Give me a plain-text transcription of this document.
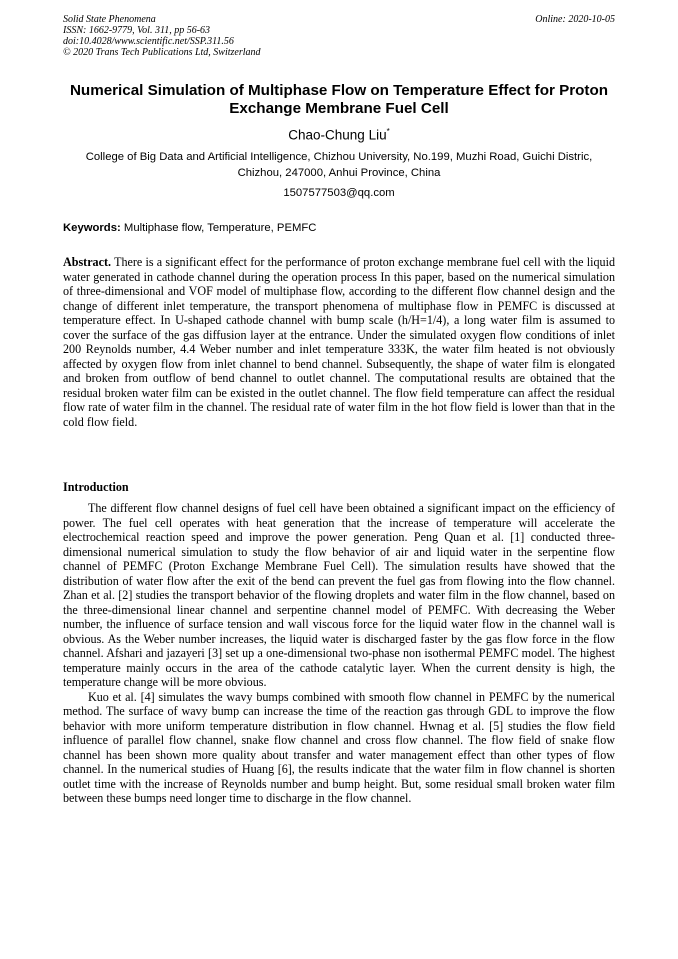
Solid State Phenomena
ISSN: 1662-9779, Vol. 311, pp 56-63
doi:10.4028/www.scientific.net/SSP.311.56
© 2020 Trans Tech Publications Ltd, Switzerland
Online: 2020-10-05
Numerical Simulation of Multiphase Flow on Temperature Effect for Proton Exchange Membrane Fuel Cell
Chao-Chung Liu*
College of Big Data and Artificial Intelligence, Chizhou University, No.199, Muzhi Road, Guichi Distric, Chizhou, 247000, Anhui Province, China
1507577503@qq.com
Keywords: Multiphase flow, Temperature, PEMFC
Abstract. There is a significant effect for the performance of proton exchange membrane fuel cell with the liquid water generated in cathode channel during the operation process In this paper, based on the numerical simulation of three-dimensional and VOF model of multiphase flow, according to the different flow channel design and the change of different inlet temperature, the transport phenomena of multiphase flow in PEMFC is discussed at temperature effect. In U-shaped cathode channel with bump scale (h/H=1/4), a long water film is assumed to cover the surface of the gas diffusion layer at the entrance. Under the simulated oxygen flow conditions of inlet 200 Reynolds number, 4.4 Weber number and inlet temperature 333K, the water film heated is not obviously affected by oxygen flow from inlet channel to bend channel. Subsequently, the shape of water film is elongated and broken from outflow of bend channel to outlet channel. The computational results are obtained that the residual broken water film can be existed in the outlet channel. The flow field temperature can affect the residual flow rate of water film in the channel. The residual rate of water film in the hot flow field is lower than that in the cold flow field.
Introduction

The different flow channel designs of fuel cell have been obtained a significant impact on the efficiency of power. The fuel cell operates with heat generation that the increase of temperature will accelerate the electrochemical reaction speed and improve the power generation. Peng Quan et al. [1] conducted three-dimensional numerical simulation to study the flow behavior of air and liquid water in the serpentine flow channel of PEMFC (Proton Exchange Membrane Fuel Cell). The simulation results have showed that the distribution of water flow after the exit of the bend can prevent the fuel gas from flowing into the flow channel. Zhan et al. [2] studies the transport behavior of the flowing droplets and water film in the flow channel, based on the three-dimensional linear channel and serpentine channel model of PEMFC. With decreasing the Weber number, the influence of surface tension and wall viscous force for the liquid water flow in the channel wall is obvious. As the Weber number increases, the liquid water is discharged faster by the gas flow force in the flow channel. Afshari and jazayeri [3] set up a one-dimensional two-phase non isothermal PEMFC model. The highest temperature mainly occurs in the area of the cathode catalytic layer. When the current density is high, the temperature change will be more obvious.

Kuo et al. [4] simulates the wavy bumps combined with smooth flow channel in PEMFC by the numerical method. The surface of wavy bump can increase the time of the reaction gas through GDL to improve the flow behavior with more uniform temperature distribution in flow channel. Hwnag et al. [5] studies the flow field influence of parallel flow channel, snake flow channel and cross flow channel. The flow field of snake flow channel has been shown more quality about transfer and water management effect than other types of flow channel. In the numerical studies of Huang [6], the results indicate that the water film in flow channel is shorten outlet time with the increase of Reynolds number and bump height. But, some residual small broken water film between these bumps need longer time to discharge in the flow channel.
